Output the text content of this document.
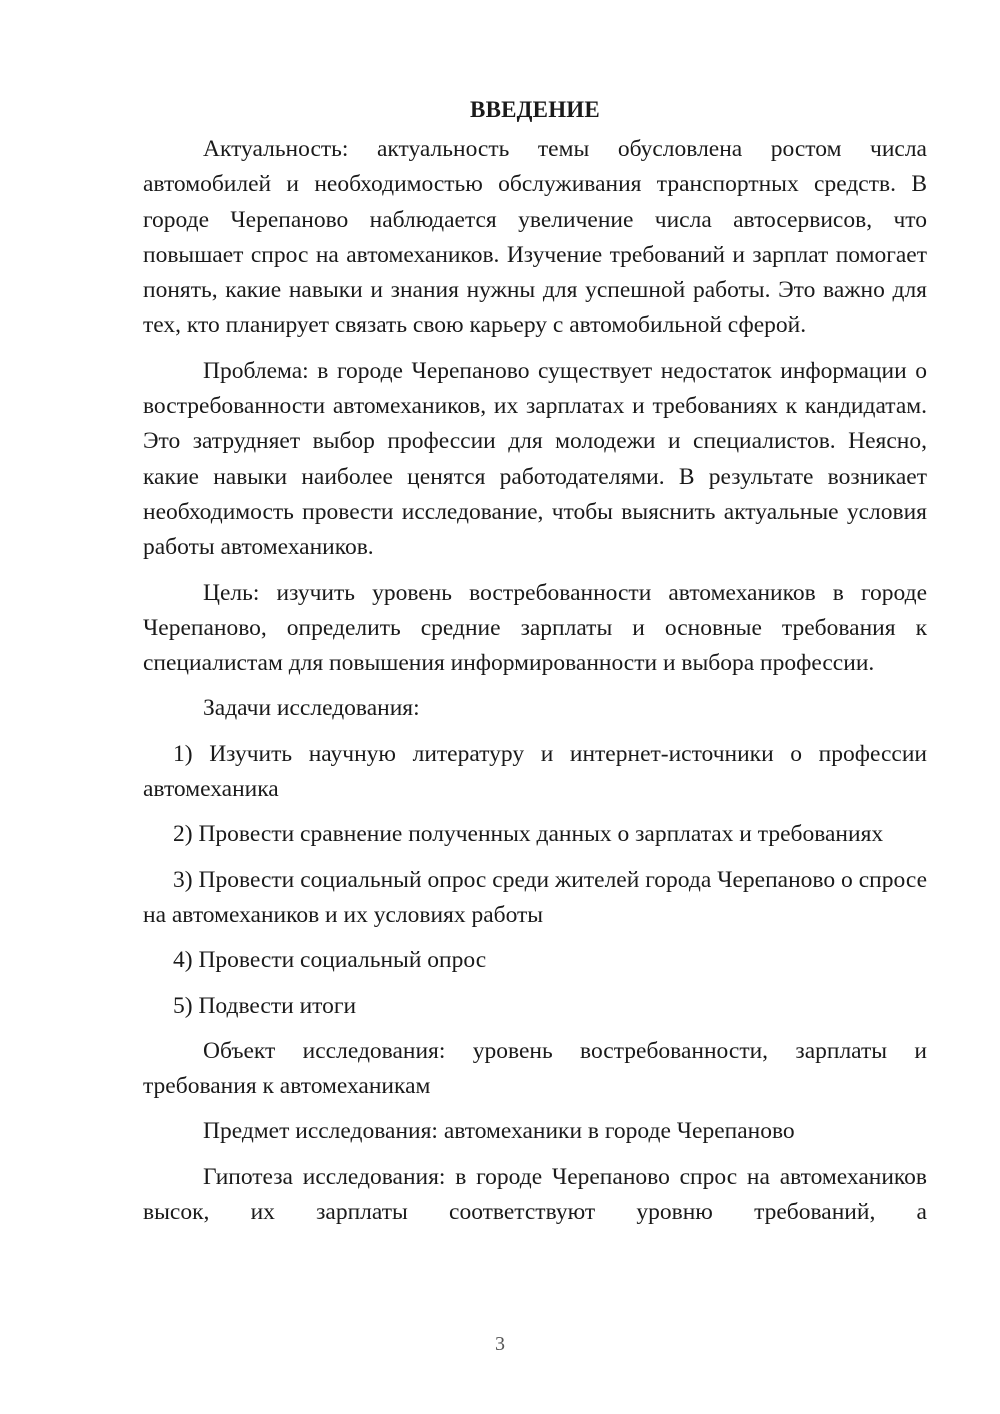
ВВЕДЕНИЕ

Актуальность: актуальность темы обусловлена ростом числа автомобилей и необходимостью обслуживания транспортных средств. В городе Черепаново наблюдается увеличение числа автосервисов, что повышает спрос на автомехаников. Изучение требований и зарплат помогает понять, какие навыки и знания нужны для успешной работы. Это важно для тех, кто планирует связать свою карьеру с автомобильной сферой.

Проблема: в городе Черепаново существует недостаток информации о востребованности автомехаников, их зарплатах и требованиях к кандидатам. Это затрудняет выбор профессии для молодежи и специалистов. Неясно, какие навыки наиболее ценятся работодателями. В результате возникает необходимость провести исследование, чтобы выяснить актуальные условия работы автомехаников.

Цель: изучить уровень востребованности автомехаников в городе Черепаново, определить средние зарплаты и основные требования к специалистам для повышения информированности и выбора профессии.

Задачи исследования:

1) Изучить научную литературу и интернет-источники о профессии автомеханика

2) Провести сравнение полученных данных о зарплатах и требованиях

3) Провести социальный опрос среди жителей города Черепаново о спросе на автомехаников и их условиях работы

4) Провести социальный опрос

5) Подвести итоги

Объект исследования: уровень востребованности, зарплаты и требования к автомеханикам

Предмет исследования: автомеханики в городе Черепаново

Гипотеза исследования: в городе Черепаново спрос на автомехаников высок, их зарплаты соответствуют уровню требований, а

3
